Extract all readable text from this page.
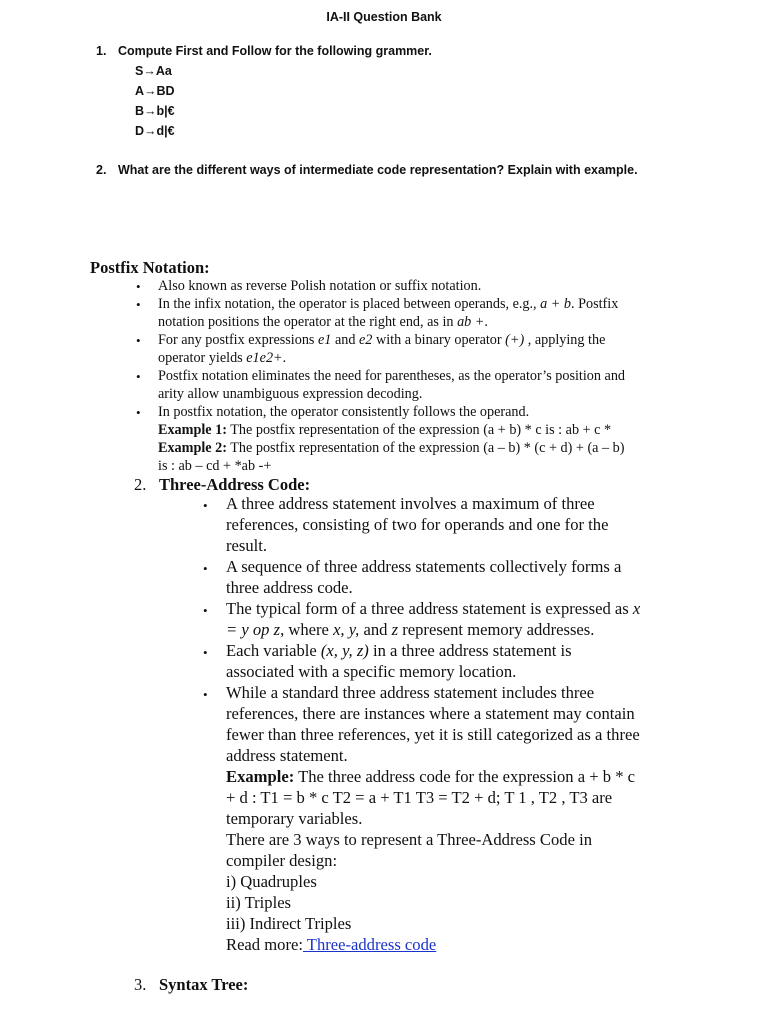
IA-II Question Bank
1. Compute First and Follow for the following grammer.
S→Aa
A→BD
B→b|€
D→d|€
2. What are the different ways of intermediate code representation? Explain with example.
Postfix Notation:
• Also known as reverse Polish notation or suffix notation.
• In the infix notation, the operator is placed between operands, e.g., a + b. Postfix
notation positions the operator at the right end, as in ab +.
• For any postfix expressions e1 and e2 with a binary operator (+) , applying the
operator yields e1e2+.
• Postfix notation eliminates the need for parentheses, as the operator’s position and
arity allow unambiguous expression decoding.
• In postfix notation, the operator consistently follows the operand.
Example 1: The postfix representation of the expression (a + b) * c is : ab + c *
Example 2: The postfix representation of the expression (a – b) * (c + d) + (a – b)
is : ab – cd + *ab -+
2. Three-Address Code:
• A three address statement involves a maximum of three
references, consisting of two for operands and one for the
result.
• A sequence of three address statements collectively forms a
three address code.
• The typical form of a three address statement is expressed as x
= y op z, where x, y, and z represent memory addresses.
• Each variable (x, y, z) in a three address statement is
associated with a specific memory location.
• While a standard three address statement includes three
references, there are instances where a statement may contain
fewer than three references, yet it is still categorized as a three
address statement.
Example: The three address code for the expression a + b * c
+ d : T1 = b * c T2 = a + T1 T3 = T2 + d; T 1 , T2 , T3 are
temporary variables.
There are 3 ways to represent a Three-Address Code in
compiler design:
i) Quadruples
ii) Triples
iii) Indirect Triples
Read more: Three-address code
3. Syntax Tree:
